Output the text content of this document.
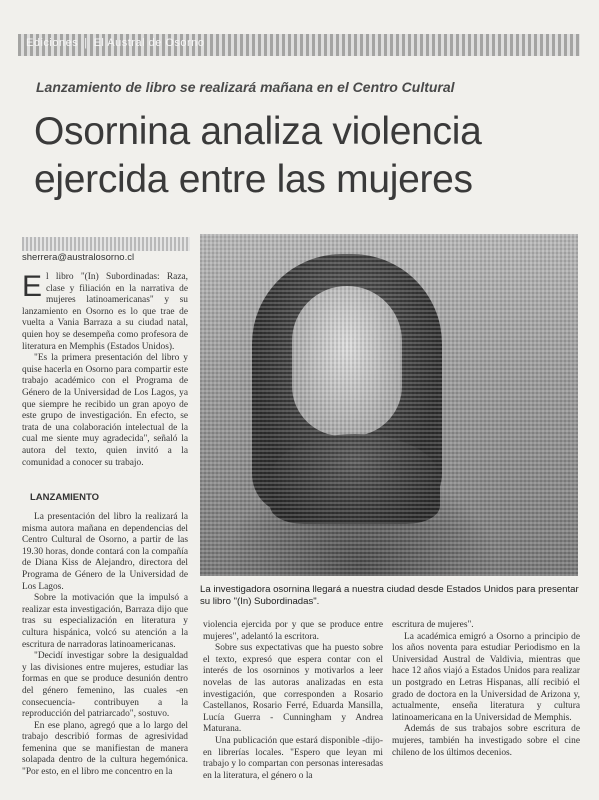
Ediciones | El Austral de Osorno
Lanzamiento de libro se realizará mañana en el Centro Cultural
Osornina analiza violencia
ejercida entre las mujeres
sherrera@australosorno.cl
E l libro "(In) Subordinadas: Raza, clase y filiación en la narrativa de mujeres latinoamericanas" y su lanzamiento en Osorno es lo que trae de vuelta a Vania Barraza a su ciudad natal, quien hoy se desempeña como profesora de literatura en Memphis (Estados Unidos).

"Es la primera presentación del libro y quise hacerla en Osorno para compartir este trabajo académico con el Programa de Género de la Universidad de Los Lagos, ya que siempre he recibido un gran apoyo de este grupo de investigación. En efecto, se trata de una colaboración intelectual de la cual me siente muy agradecida", señaló la autora del texto, quien invitó a la comunidad a conocer su trabajo.

LANZAMIENTO

La presentación del libro la realizará la misma autora mañana en dependencias del Centro Cultural de Osorno, a partir de las 19.30 horas, donde contará con la compañía de Diana Kiss de Alejandro, directora del Programa de Género de la Universidad de Los Lagos.

Sobre la motivación que la impulsó a realizar esta investigación, Barraza dijo que tras su especialización en literatura y cultura hispánica, volcó su atención a la escritura de narradoras latinoamericanas.

"Decidí investigar sobre la desigualdad y las divisiones entre mujeres, estudiar las formas en que se produce desunión dentro del género femenino, las cuales -en consecuencia- contribuyen a la reproducción del patriarcado", sostuvo.

En ese plano, agregó que a lo largo del trabajo describió formas de agresividad femenina que se manifiestan de manera solapada dentro de la cultura hegemónica. "Por esto, en el libro me concentro en la

La investigadora osornina llegará a nuestra ciudad desde Estados Unidos para presentar su libro "(In) Subordinadas".

violencia ejercida por y que se produce entre mujeres", adelantó la escritora.

Sobre sus expectativas que ha puesto sobre el texto, expresó que espera contar con el interés de los osorninos y motivarlos a leer novelas de las autoras analizadas en esta investigación, que corresponden a Rosario Castellanos, Rosario Ferré, Eduarda Mansilla, Lucía Guerra - Cunningham y Andrea Maturana.

Una publicación que estará disponible -dijo- en librerías locales. "Espero que leyan mi trabajo y lo compartan con personas interesadas en la literatura, el género o la

escritura de mujeres".

La académica emigró a Osorno a principio de los años noventa para estudiar Periodismo en la Universidad Austral de Valdivia, mientras que hace 12 años viajó a Estados Unidos para realizar un postgrado en Letras Hispanas, allí recibió el grado de doctora en la Universidad de Arizona y, actualmente, enseña literatura y cultura latinoamericana en la Universidad de Memphis.

Además de sus trabajos sobre escritura de mujeres, también ha investigado sobre el cine chileno de los últimos decenios.
